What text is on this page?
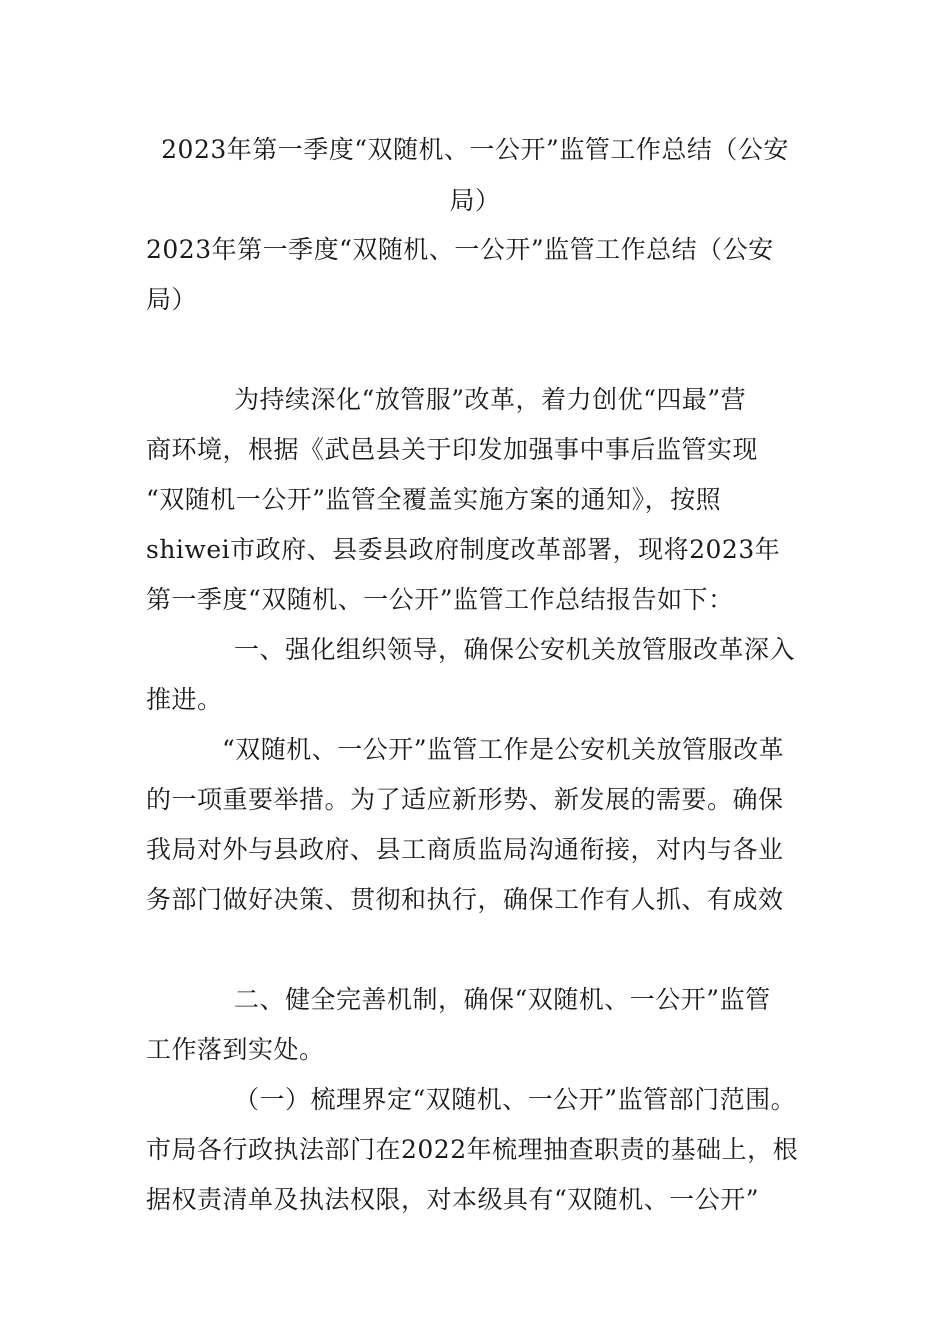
2023年第一季度“双随机、一公开”监管工作总结（公安
局）
2023年第一季度“双随机、一公开”监管工作总结（公安
局）
为持续深化“放管服”改革，着力创优“四最”营
商环境，根据《武邑县关于印发加强事中事后监管实现
“双随机一公开”监管全覆盖实施方案的通知》，按照
shiwei市政府、县委县政府制度改革部署，现将2023年
第一季度“双随机、一公开”监管工作总结报告如下：
一、强化组织领导，确保公安机关放管服改革深入
推进。
“双随机、一公开”监管工作是公安机关放管服改革
的一项重要举措。为了适应新形势、新发展的需要。确保
我局对外与县政府、县工商质监局沟通衔接，对内与各业
务部门做好决策、贯彻和执行，确保工作有人抓、有成效
二、健全完善机制，确保“双随机、一公开”监管
工作落到实处。
（一）梳理界定“双随机、一公开”监管部门范围。
市局各行政执法部门在2022年梳理抽查职责的基础上，根
据权责清单及执法权限，对本级具有“双随机、一公开”
